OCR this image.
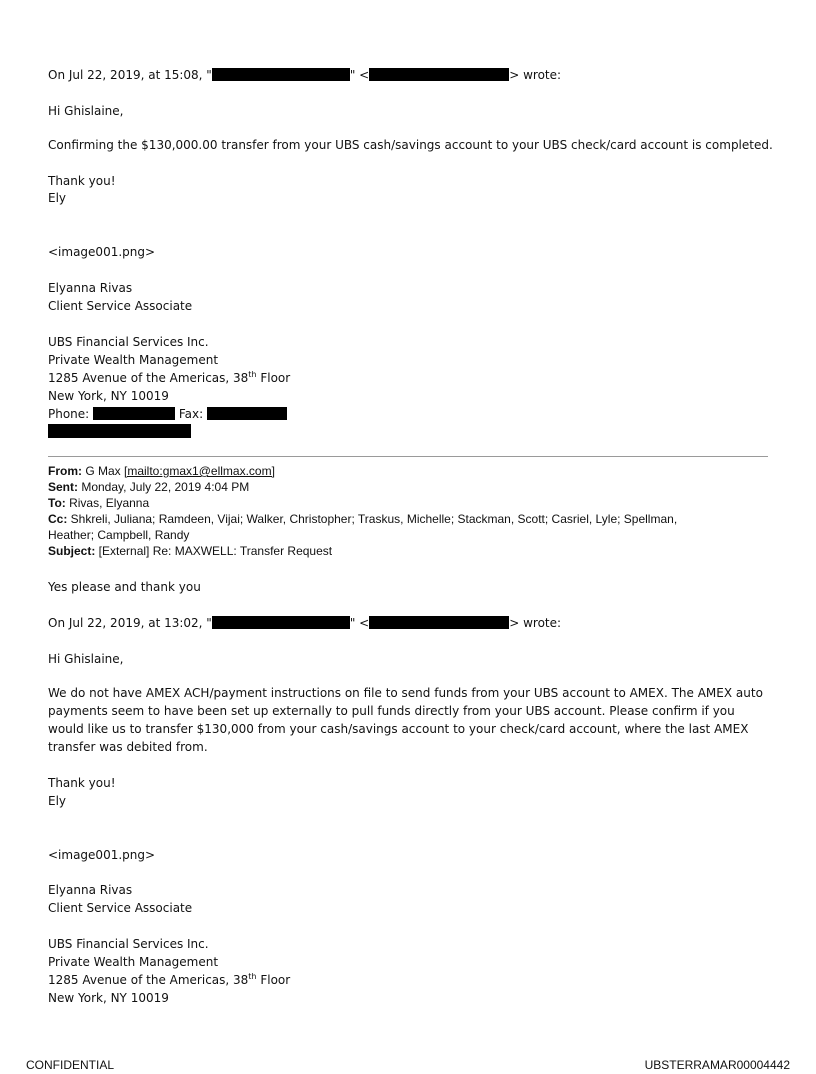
On Jul 22, 2019, at 15:08, "	" <	> wrote:
Hi Ghislaine,
Confirming the $130,000.00 transfer from your UBS cash/savings account to your UBS check/card account is completed.
Thank you!
Ely
<image001.png>
Elyanna Rivas
Client Service Associate
UBS Financial Services Inc.
Private Wealth Management
1285 Avenue of the Americas, 38th Floor
New York, NY 10019
Phone:	Fax:
From: G Max [mailto:gmax1@ellmax.com]
Sent: Monday, July 22, 2019 4:04 PM
To: Rivas, Elyanna
Cc: Shkreli, Juliana; Ramdeen, Vijai; Walker, Christopher; Traskus, Michelle; Stackman, Scott; Casriel, Lyle; Spellman,
Heather; Campbell, Randy
Subject: [External] Re: MAXWELL: Transfer Request
Yes please and thank you
On Jul 22, 2019, at 13:02, "	" <	> wrote:
Hi Ghislaine,
We do not have AMEX ACH/payment instructions on file to send funds from your UBS account to AMEX. The AMEX auto payments seem to have been set up externally to pull funds directly from your UBS account. Please confirm if you would like us to transfer $130,000 from your cash/savings account to your check/card account, where the last AMEX transfer was debited from.
Thank you!
Ely
<image001.png>
Elyanna Rivas
Client Service Associate
UBS Financial Services Inc.
Private Wealth Management
1285 Avenue of the Americas, 38th Floor
New York, NY 10019
CONFIDENTIAL	UBSTERRAMAR00004442
